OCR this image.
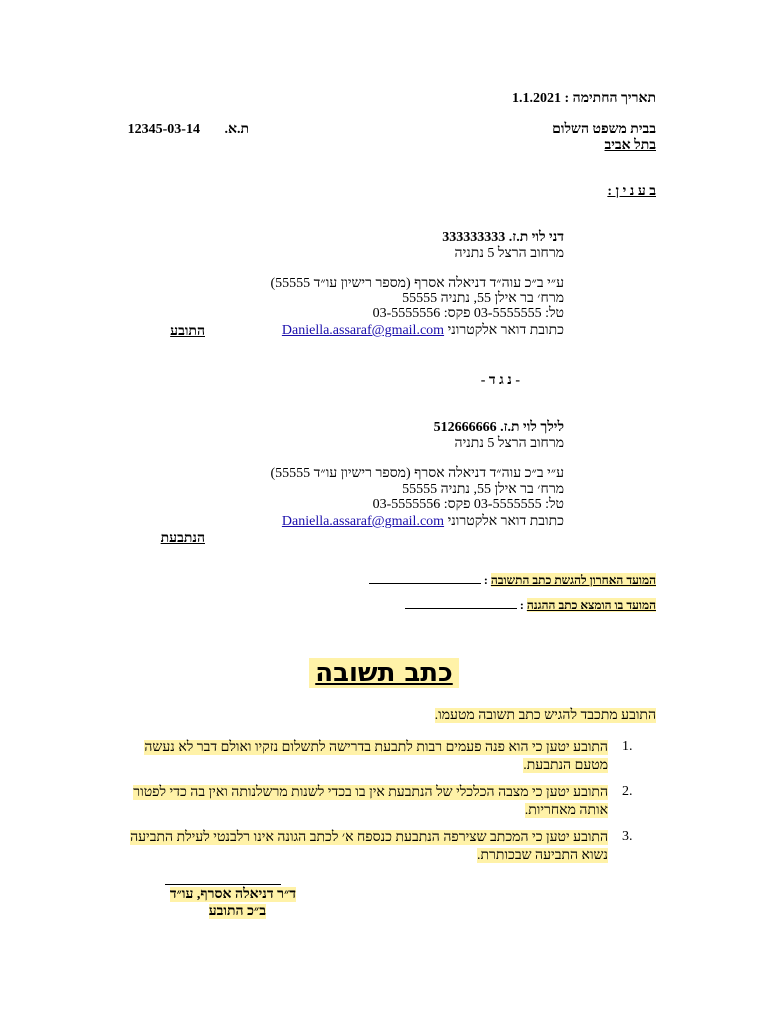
תאריך החתימה : 1.1.2021
בבית משפט השלום
בתל אביב
ת.א.       12345-03-14
ב ע נ י ן :
דני לוי ת.ז. 333333333
מרחוב הרצל 5 נתניה
ע״י ב״כ עוה״ד דניאלה אסרף (מספר רישיון עו״ד 55555)
מרח׳ בר אילן 55, נתניה 55555
טל: 03-5555555 פקס: 03-5555556
כתובת דואר אלקטרוני Daniella.assaraf@gmail.com
התובע
- נ ג ד -
לילך לוי ת.ז. 512666666
מרחוב הרצל 5 נתניה
ע״י ב״כ עוה״ד דניאלה אסרף (מספר רישיון עו״ד 55555)
מרח׳ בר אילן 55, נתניה 55555
טל: 03-5555555 פקס: 03-5555556
כתובת דואר אלקטרוני Daniella.assaraf@gmail.com
הנתבעת
המועד האחרון להגשת כתב התשובה :
המועד בו הומצא כתב ההגנה :
כתב תשובה
התובע מתכבד להגיש כתב תשובה מטעמו.
1.
התובע יטען כי הוא פנה פעמים רבות לתבעת בדרישה לתשלום נזקיו ואולם דבר לא נעשה מטעם הנתבעת.
2.
התובע יטען כי מצבה הכלכלי של הנתבעת אין בו בכדי לשנות מרשלנותה ואין בה כדי לפטור אותה מאחריות.
3.
התובע יטען כי המכתב שצירפה הנתבעת כנספח א׳ לכתב הגונה אינו רלבנטי לעילת התביעה נשוא התביעה שבכותרת.
ד״ר דניאלה אסרף, עו״ד
ב״כ התובע
